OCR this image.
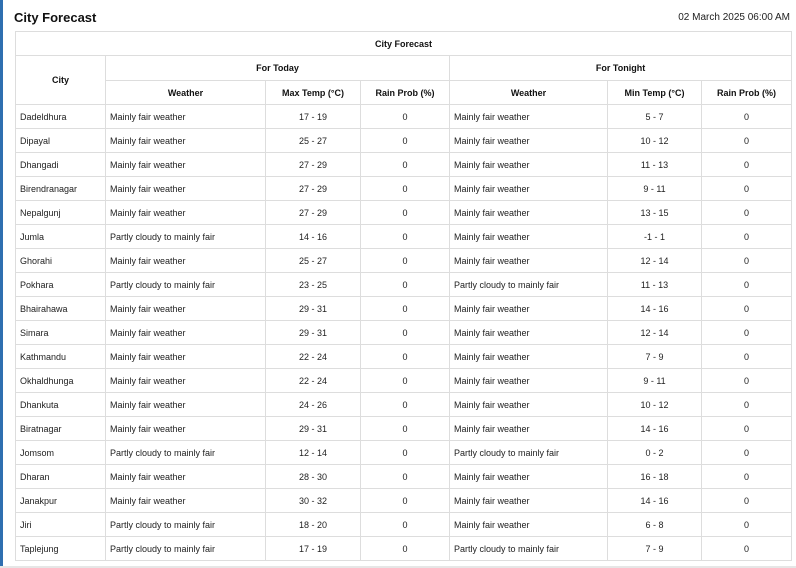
City Forecast	02 March 2025 06:00 AM
City Forecast						
City	For Today			For Tonight		
	Weather	Max Temp (°C)	Rain Prob (%)	Weather	Min Temp (°C)	Rain Prob (%)
Dadeldhura	Mainly fair weather	17 - 19	0	Mainly fair weather	5 - 7	0
Dipayal	Mainly fair weather	25 - 27	0	Mainly fair weather	10 - 12	0
Dhangadi	Mainly fair weather	27 - 29	0	Mainly fair weather	11 - 13	0
Birendranagar	Mainly fair weather	27 - 29	0	Mainly fair weather	9 - 11	0
Nepalgunj	Mainly fair weather	27 - 29	0	Mainly fair weather	13 - 15	0
Jumla	Partly cloudy to mainly fair	14 - 16	0	Mainly fair weather	-1 - 1	0
Ghorahi	Mainly fair weather	25 - 27	0	Mainly fair weather	12 - 14	0
Pokhara	Partly cloudy to mainly fair	23 - 25	0	Partly cloudy to mainly fair	11 - 13	0
Bhairahawa	Mainly fair weather	29 - 31	0	Mainly fair weather	14 - 16	0
Simara	Mainly fair weather	29 - 31	0	Mainly fair weather	12 - 14	0
Kathmandu	Mainly fair weather	22 - 24	0	Mainly fair weather	7 - 9	0
Okhaldhunga	Mainly fair weather	22 - 24	0	Mainly fair weather	9 - 11	0
Dhankuta	Mainly fair weather	24 - 26	0	Mainly fair weather	10 - 12	0
Biratnagar	Mainly fair weather	29 - 31	0	Mainly fair weather	14 - 16	0
Jomsom	Partly cloudy to mainly fair	12 - 14	0	Partly cloudy to mainly fair	0 - 2	0
Dharan	Mainly fair weather	28 - 30	0	Mainly fair weather	16 - 18	0
Janakpur	Mainly fair weather	30 - 32	0	Mainly fair weather	14 - 16	0
Jiri	Partly cloudy to mainly fair	18 - 20	0	Mainly fair weather	6 - 8	0
Taplejung	Partly cloudy to mainly fair	17 - 19	0	Partly cloudy to mainly fair	7 - 9	0
